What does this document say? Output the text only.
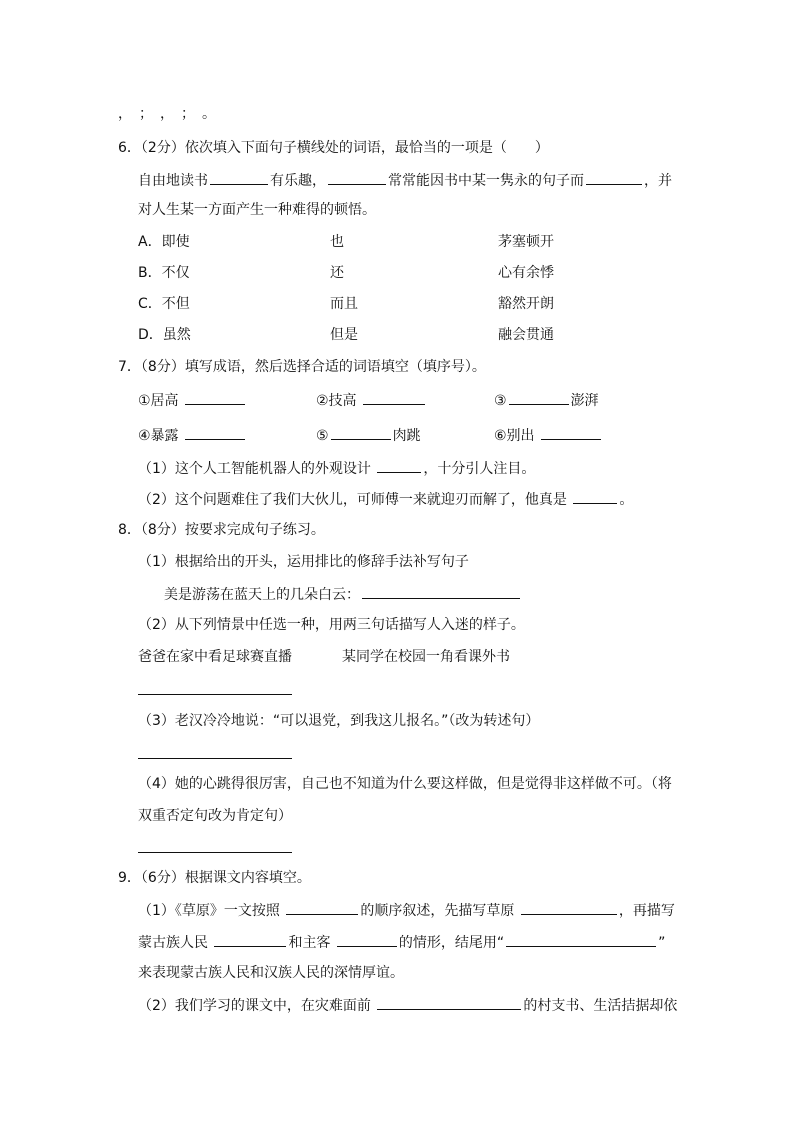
，；，；。
6．（2分）依次填入下面句子横线处的词语，最恰当的一项是（　　）
自由地读书	有乐趣，	常常能因书中某一隽永的句子而	，并
对人生某一方面产生一种难得的顿悟。
A．即使	也	茅塞顿开
B．不仅	还	心有余悸
C．不但	而且	豁然开朗
D．虽然	但是	融会贯通
7．（8分）填写成语，然后选择合适的词语填空（填序号）。
①居高	②技高	③	澎湃
④暴露	⑤	肉跳	⑥别出
（1）这个人工智能机器人的外观设计	，十分引人注目。
（2）这个问题难住了我们大伙儿，可师傅一来就迎刃而解了，他真是	。
8．（8分）按要求完成句子练习。
（1）根据给出的开头，运用排比的修辞手法补写句子
美是游荡在蓝天上的几朵白云：
（2）从下列情景中任选一种，用两三句话描写人入迷的样子。
爸爸在家中看足球赛直播	某同学在校园一角看课外书
（3）老汉冷冷地说：“可以退党，到我这儿报名。”（改为转述句）
（4）她的心跳得很厉害，自己也不知道为什么要这样做，但是觉得非这样做不可。（将
双重否定句改为肯定句）
9．（6分）根据课文内容填空。
（1）《草原》一文按照	的顺序叙述，先描写草原	，再描写
蒙古族人民	和主客	的情形，结尾用“	”
来表现蒙古族人民和汉族人民的深情厚谊。
（2）我们学习的课文中，在灾难面前	的村支书、生活拮据却依
